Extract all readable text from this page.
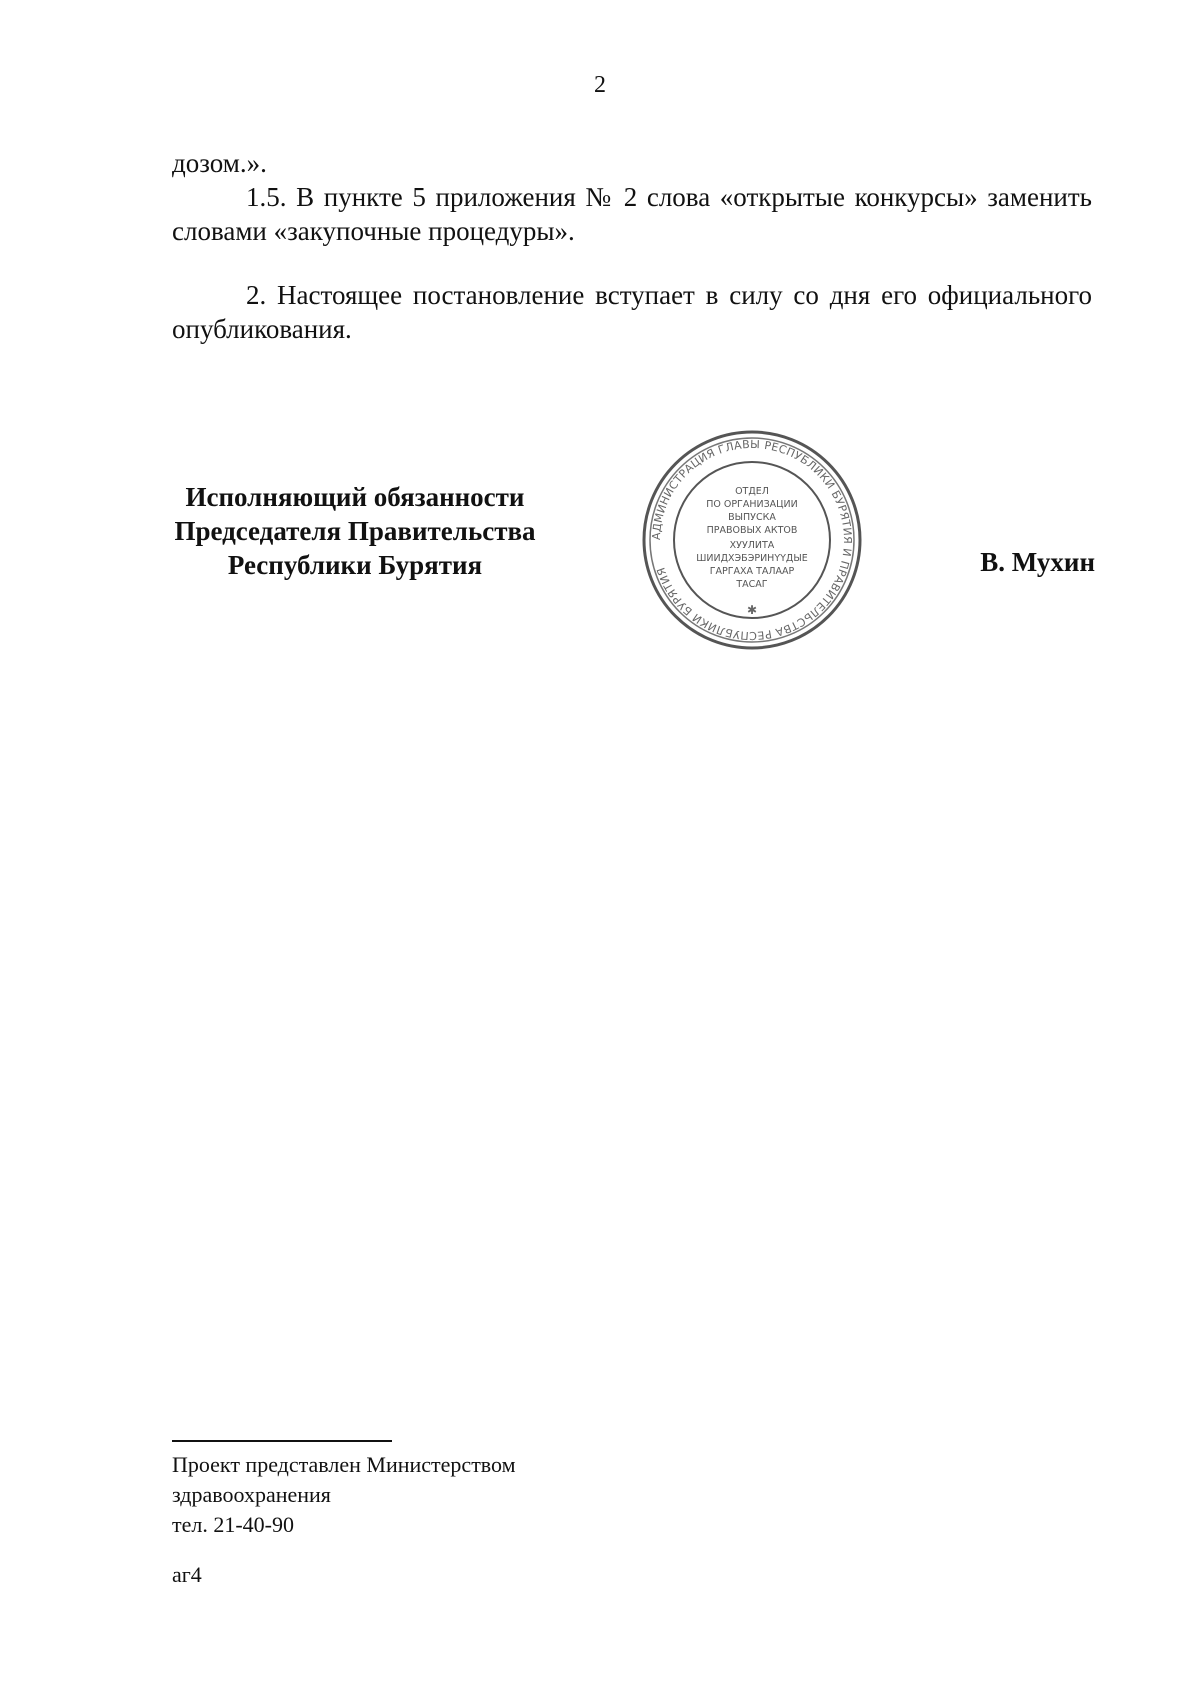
2
дозом.».

1.5. В пункте 5 приложения № 2 слова «открытые конкурсы» заменить словами «закупочные процедуры».

2. Настоящее постановление вступает в силу со дня его официального опубликования.

Исполняющий обязанности
Председателя Правительства
Республики Бурятия
АДМИНИСТРАЦИЯ ГЛАВЫ РЕСПУБЛИКИ БУРЯТИЯ И ПРАВИТЕЛЬСТВА РЕСПУБЛИКИ БУРЯТИЯ
ОТДЕЛ
ПО ОРГАНИЗАЦИИ
ВЫПУСКА
ПРАВОВЫХ АКТОВ
ХУУЛИТА
ШИИДХЭБЭРИНҮҮДЫЕ
ГАРГАХА ТАЛААР
ТАСАГ
✱
В. Мухин
Проект представлен Министерством
здравоохранения
тел. 21-40-90
аг4
